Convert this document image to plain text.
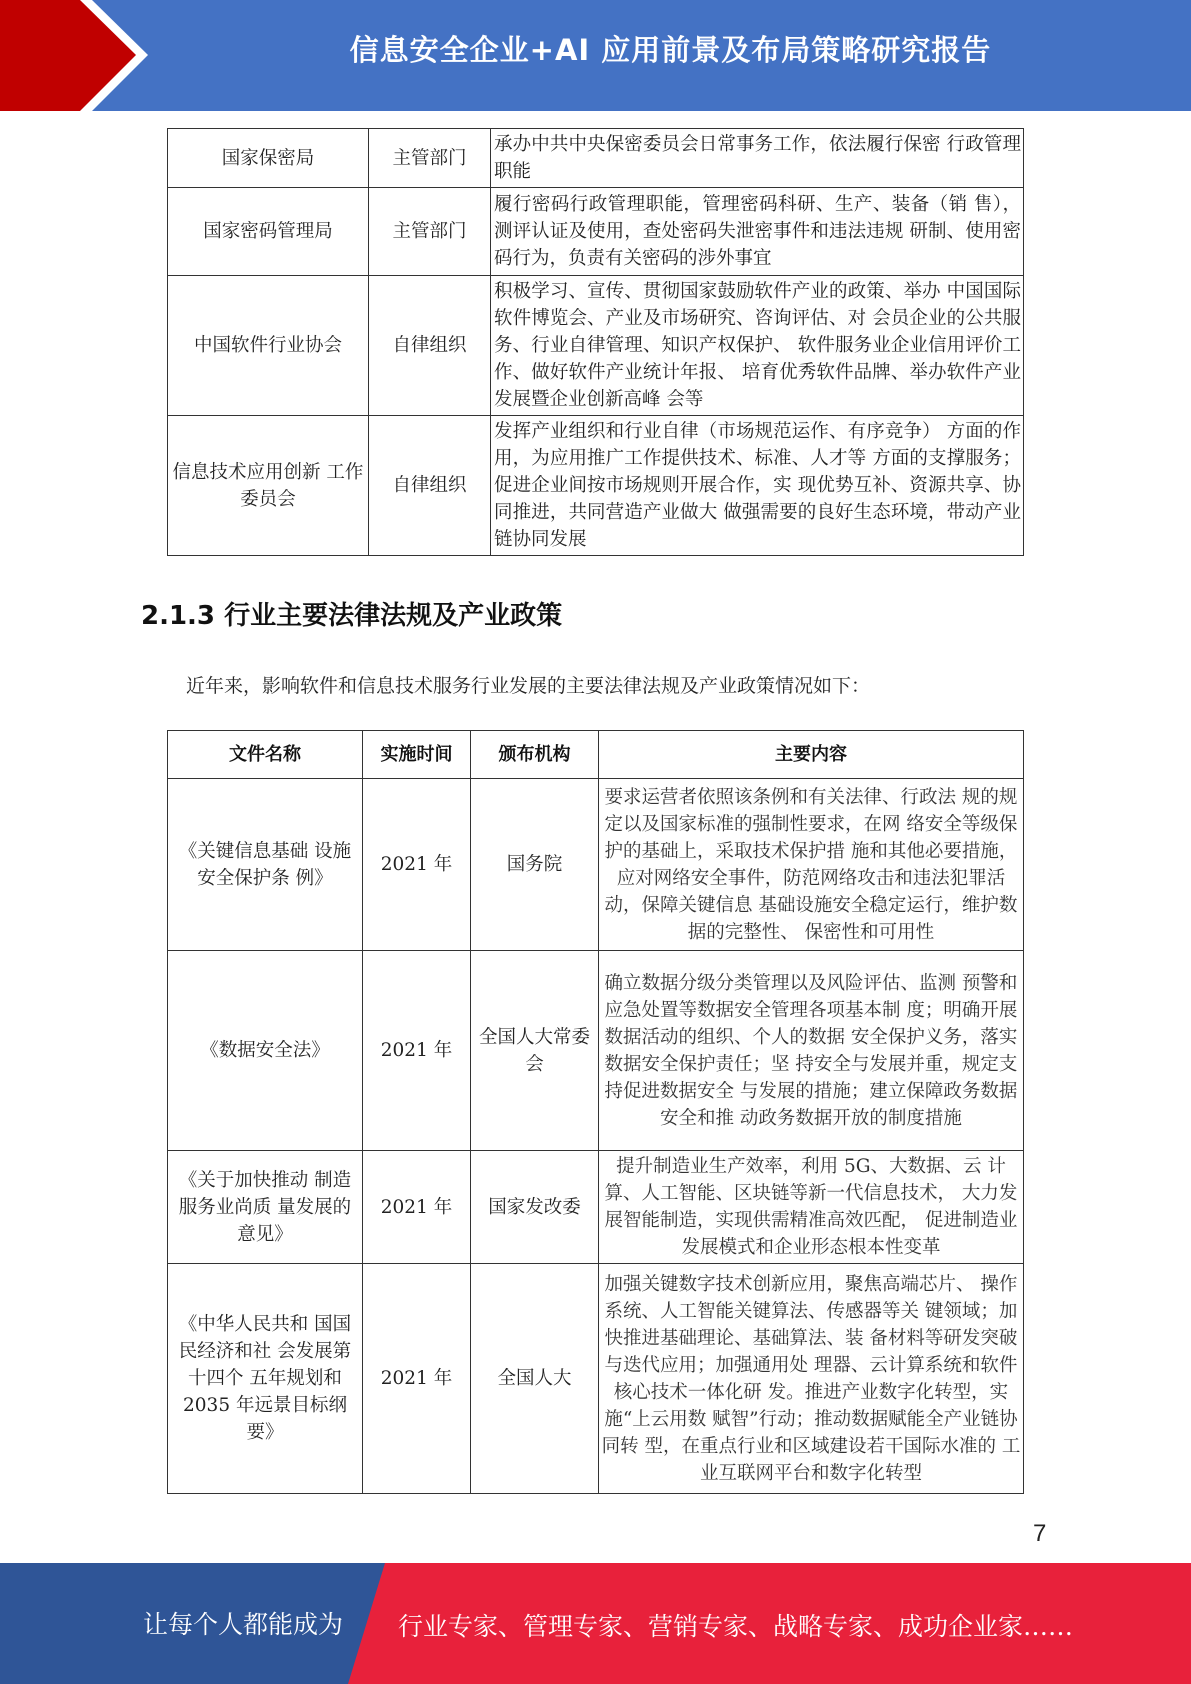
信息安全企业+AI 应用前景及布局策略研究报告
国家保密局	主管部门	承办中共中央保密委员会日常事务工作，依法履行保密 行政管理职能
国家密码管理局	主管部门	履行密码行政管理职能，管理密码科研、生产、装备（销 售），测评认证及使用，查处密码失泄密事件和违法违规 研制、使用密码行为，负责有关密码的涉外事宜
中国软件行业协会	自律组织	积极学习、宣传、贯彻国家鼓励软件产业的政策、举办 中国国际软件博览会、产业及市场研究、咨询评估、对 会员企业的公共服务、行业自律管理、知识产权保护、 软件服务业企业信用评价工作、做好软件产业统计年报、 培育优秀软件品牌、举办软件产业发展暨企业创新高峰 会等
信息技术应用创新 工作委员会	自律组织	发挥产业组织和行业自律（市场规范运作、有序竞争） 方面的作用，为应用推广工作提供技术、标准、人才等 方面的支撑服务；促进企业间按市场规则开展合作，实 现优势互补、资源共享、协同推进，共同营造产业做大 做强需要的良好生态环境，带动产业链协同发展
2.1.3 行业主要法律法规及产业政策
近年来，影响软件和信息技术服务行业发展的主要法律法规及产业政策情况如下：
文件名称	实施时间	颁布机构	主要内容
《关键信息基础 设施安全保护条 例》	2021 年	国务院	要求运营者依照该条例和有关法律、行政法 规的规定以及国家标准的强制性要求，在网 络安全等级保护的基础上，采取技术保护措 施和其他必要措施，应对网络安全事件，防范网络攻击和违法犯罪活动，保障关键信息 基础设施安全稳定运行，维护数据的完整性、 保密性和可用性
《数据安全法》	2021 年	全国人大常委会	确立数据分级分类管理以及风险评估、监测 预警和应急处置等数据安全管理各项基本制 度；明确开展数据活动的组织、个人的数据 安全保护义务，落实数据安全保护责任；坚 持安全与发展并重，规定支持促进数据安全 与发展的措施；建立保障政务数据安全和推 动政务数据开放的制度措施
《关于加快推动 制造服务业尚质 量发展的意见》	2021 年	国家发改委	提升制造业生产效率，利用 5G、大数据、云 计算、人工智能、区块链等新一代信息技术， 大力发展智能制造，实现供需精准高效匹配， 促进制造业发展模式和企业形态根本性变革
《中华人民共和 国国民经济和社 会发展第十四个 五年规划和 2035 年远景目标纲要》	2021 年	全国人大	加强关键数字技术创新应用，聚焦高端芯片、 操作系统、人工智能关键算法、传感器等关 键领域；加快推进基础理论、基础算法、装 备材料等研发突破与迭代应用；加强通用处 理器、云计算系统和软件核心技术一体化研 发。推进产业数字化转型，实施“上云用数 赋智”行动；推动数据赋能全产业链协同转 型，在重点行业和区域建设若干国际水准的 工业互联网平台和数字化转型
7
让每个人都能成为 行业专家、管理专家、营销专家、战略专家、成功企业家……
